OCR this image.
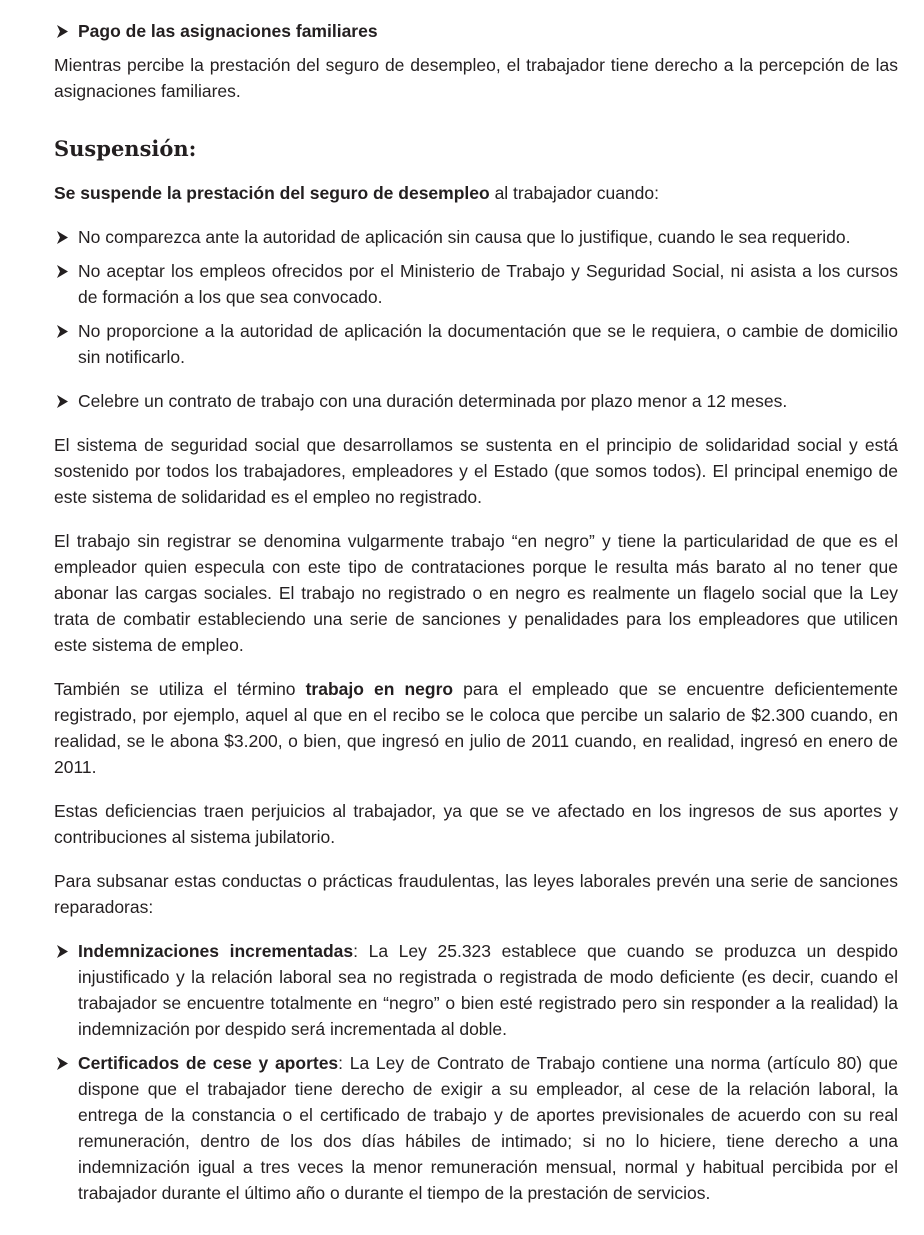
Pago de las asignaciones familiares

Mientras percibe la prestación del seguro de desempleo, el trabajador tiene derecho a la percepción de las asignaciones familiares.

Suspensión:

Se suspende la prestación del seguro de desempleo al trabajador cuando:

No comparezca ante la autoridad de aplicación sin causa que lo justifique, cuando le sea requerido.
No aceptar los empleos ofrecidos por el Ministerio de Trabajo y Seguridad Social, ni asista a los cursos de formación a los que sea convocado.
No proporcione a la autoridad de aplicación la documentación que se le requiera, o cambie de domicilio sin notificarlo.
Celebre un contrato de trabajo con una duración determinada por plazo menor a 12 meses.

El sistema de seguridad social que desarrollamos se sustenta en el principio de solidaridad social y está sostenido por todos los trabajadores, empleadores y el Estado (que somos todos). El principal enemigo de este sistema de solidaridad es el empleo no registrado.

El trabajo sin registrar se denomina vulgarmente trabajo “en negro” y tiene la particularidad de que es el empleador quien especula con este tipo de contrataciones porque le resulta más barato al no tener que abonar las cargas sociales. El trabajo no registrado o en negro es realmente un flagelo social que la Ley trata de combatir estableciendo una serie de sanciones y penalidades para los empleadores que utilicen este sistema de empleo.

También se utiliza el término trabajo en negro para el empleado que se encuentre deficientemente registrado, por ejemplo, aquel al que en el recibo se le coloca que percibe un salario de $2.300 cuando, en realidad, se le abona $3.200, o bien, que ingresó en julio de 2011 cuando, en realidad, ingresó en enero de 2011.

Estas deficiencias traen perjuicios al trabajador, ya que se ve afectado en los ingresos de sus aportes y contribuciones al sistema jubilatorio.

Para subsanar estas conductas o prácticas fraudulentas, las leyes laborales prevén una serie de sanciones reparadoras:

Indemnizaciones incrementadas: La Ley 25.323 establece que cuando se produzca un despido injustificado y la relación laboral sea no registrada o registrada de modo deficiente (es decir, cuando el trabajador se encuentre totalmente en “negro” o bien esté registrado pero sin responder a la realidad) la indemnización por despido será incrementada al doble.
Certificados de cese y aportes: La Ley de Contrato de Trabajo contiene una norma (artículo 80) que dispone que el trabajador tiene derecho de exigir a su empleador, al cese de la relación laboral, la entrega de la constancia o el certificado de trabajo y de aportes previsionales de acuerdo con su real remuneración, dentro de los dos días hábiles de intimado; si no lo hiciere, tiene derecho a una indemnización igual a tres veces la menor remuneración mensual, normal y habitual percibida por el trabajador durante el último año o durante el tiempo de la prestación de servicios.
